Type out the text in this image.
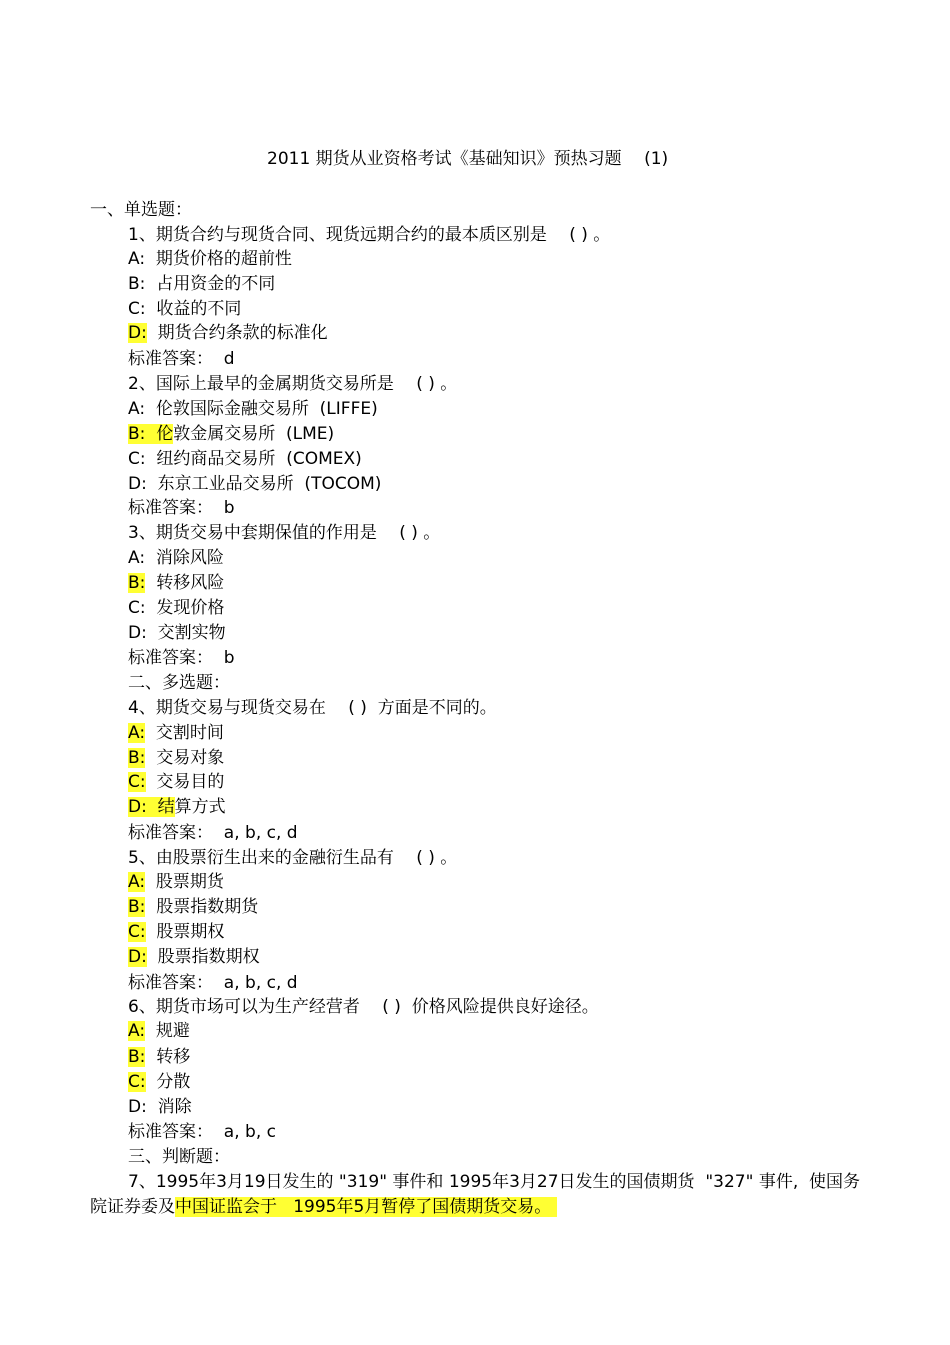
2011 期货从业资格考试《基础知识》预热习题　 (1)
一、单选题：
1、期货合约与现货合同、现货远期合约的最本质区别是　 ( ) 。
A:  期货价格的超前性
B:  占用资金的不同
C:  收益的不同
D:  期货合约条款的标准化
标准答案：  d
2、国际上最早的金属期货交易所是　 ( ) 。
A:  伦敦国际金融交易所  (LIFFE)
B:  伦敦金属交易所  (LME)
C:  纽约商品交易所  (COMEX)
D:  东京工业品交易所  (TOCOM)
标准答案：  b
3、期货交易中套期保值的作用是　 ( ) 。
A:  消除风险
B:  转移风险
C:  发现价格
D:  交割实物
标准答案：  b
二、多选题：
4、期货交易与现货交易在　 ( )  方面是不同的。
A:  交割时间
B:  交易对象
C:  交易目的
D:  结算方式
标准答案：  a, b, c, d
5、由股票衍生出来的金融衍生品有　 ( ) 。
A:  股票期货
B:  股票指数期货
C:  股票期权
D:  股票指数期权
标准答案：  a, b, c, d
6、期货市场可以为生产经营者　 ( )  价格风险提供良好途径。
A:  规避
B:  转移
C:  分散
D:  消除
标准答案：  a, b, c
三、判断题：
7、1995年3月19日发生的 "319" 事件和 1995年3月27日发生的国债期货  "327" 事件,  使国务
院证券委及中国证监会于   1995年5月暂停了国债期货交易。
